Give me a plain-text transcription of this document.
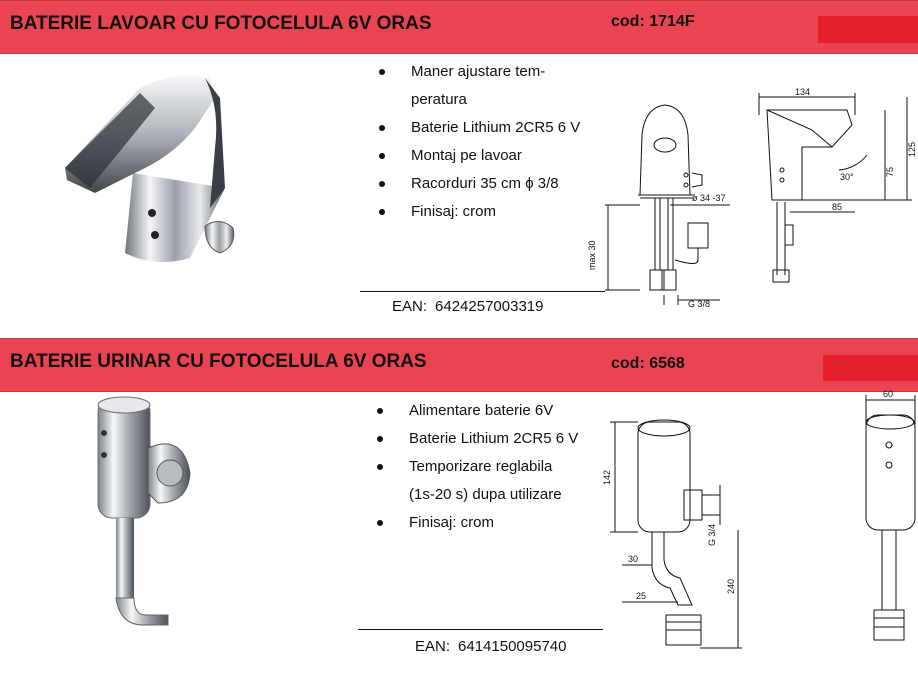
BATERIE LAVOAR CU FOTOCELULA 6V ORAS	cod: 1714F
Maner ajustare tem-
peratura
Baterie Lithium 2CR5 6 V
Montaj pe lavoar
Racorduri 35 cm ϕ 3/8
Finisaj: crom
EAN: 6424257003319
ø 34 -37
max 30
G 3/8
134
125
75
30°
85
BATERIE URINAR CU FOTOCELULA 6V ORAS	cod: 6568
Alimentare baterie 6V
Baterie Lithium 2CR5 6 V
Temporizare reglabila
(1s-20 s) dupa utilizare
Finisaj: crom
EAN: 6414150095740
142
G 3/4
30
25
240
60
